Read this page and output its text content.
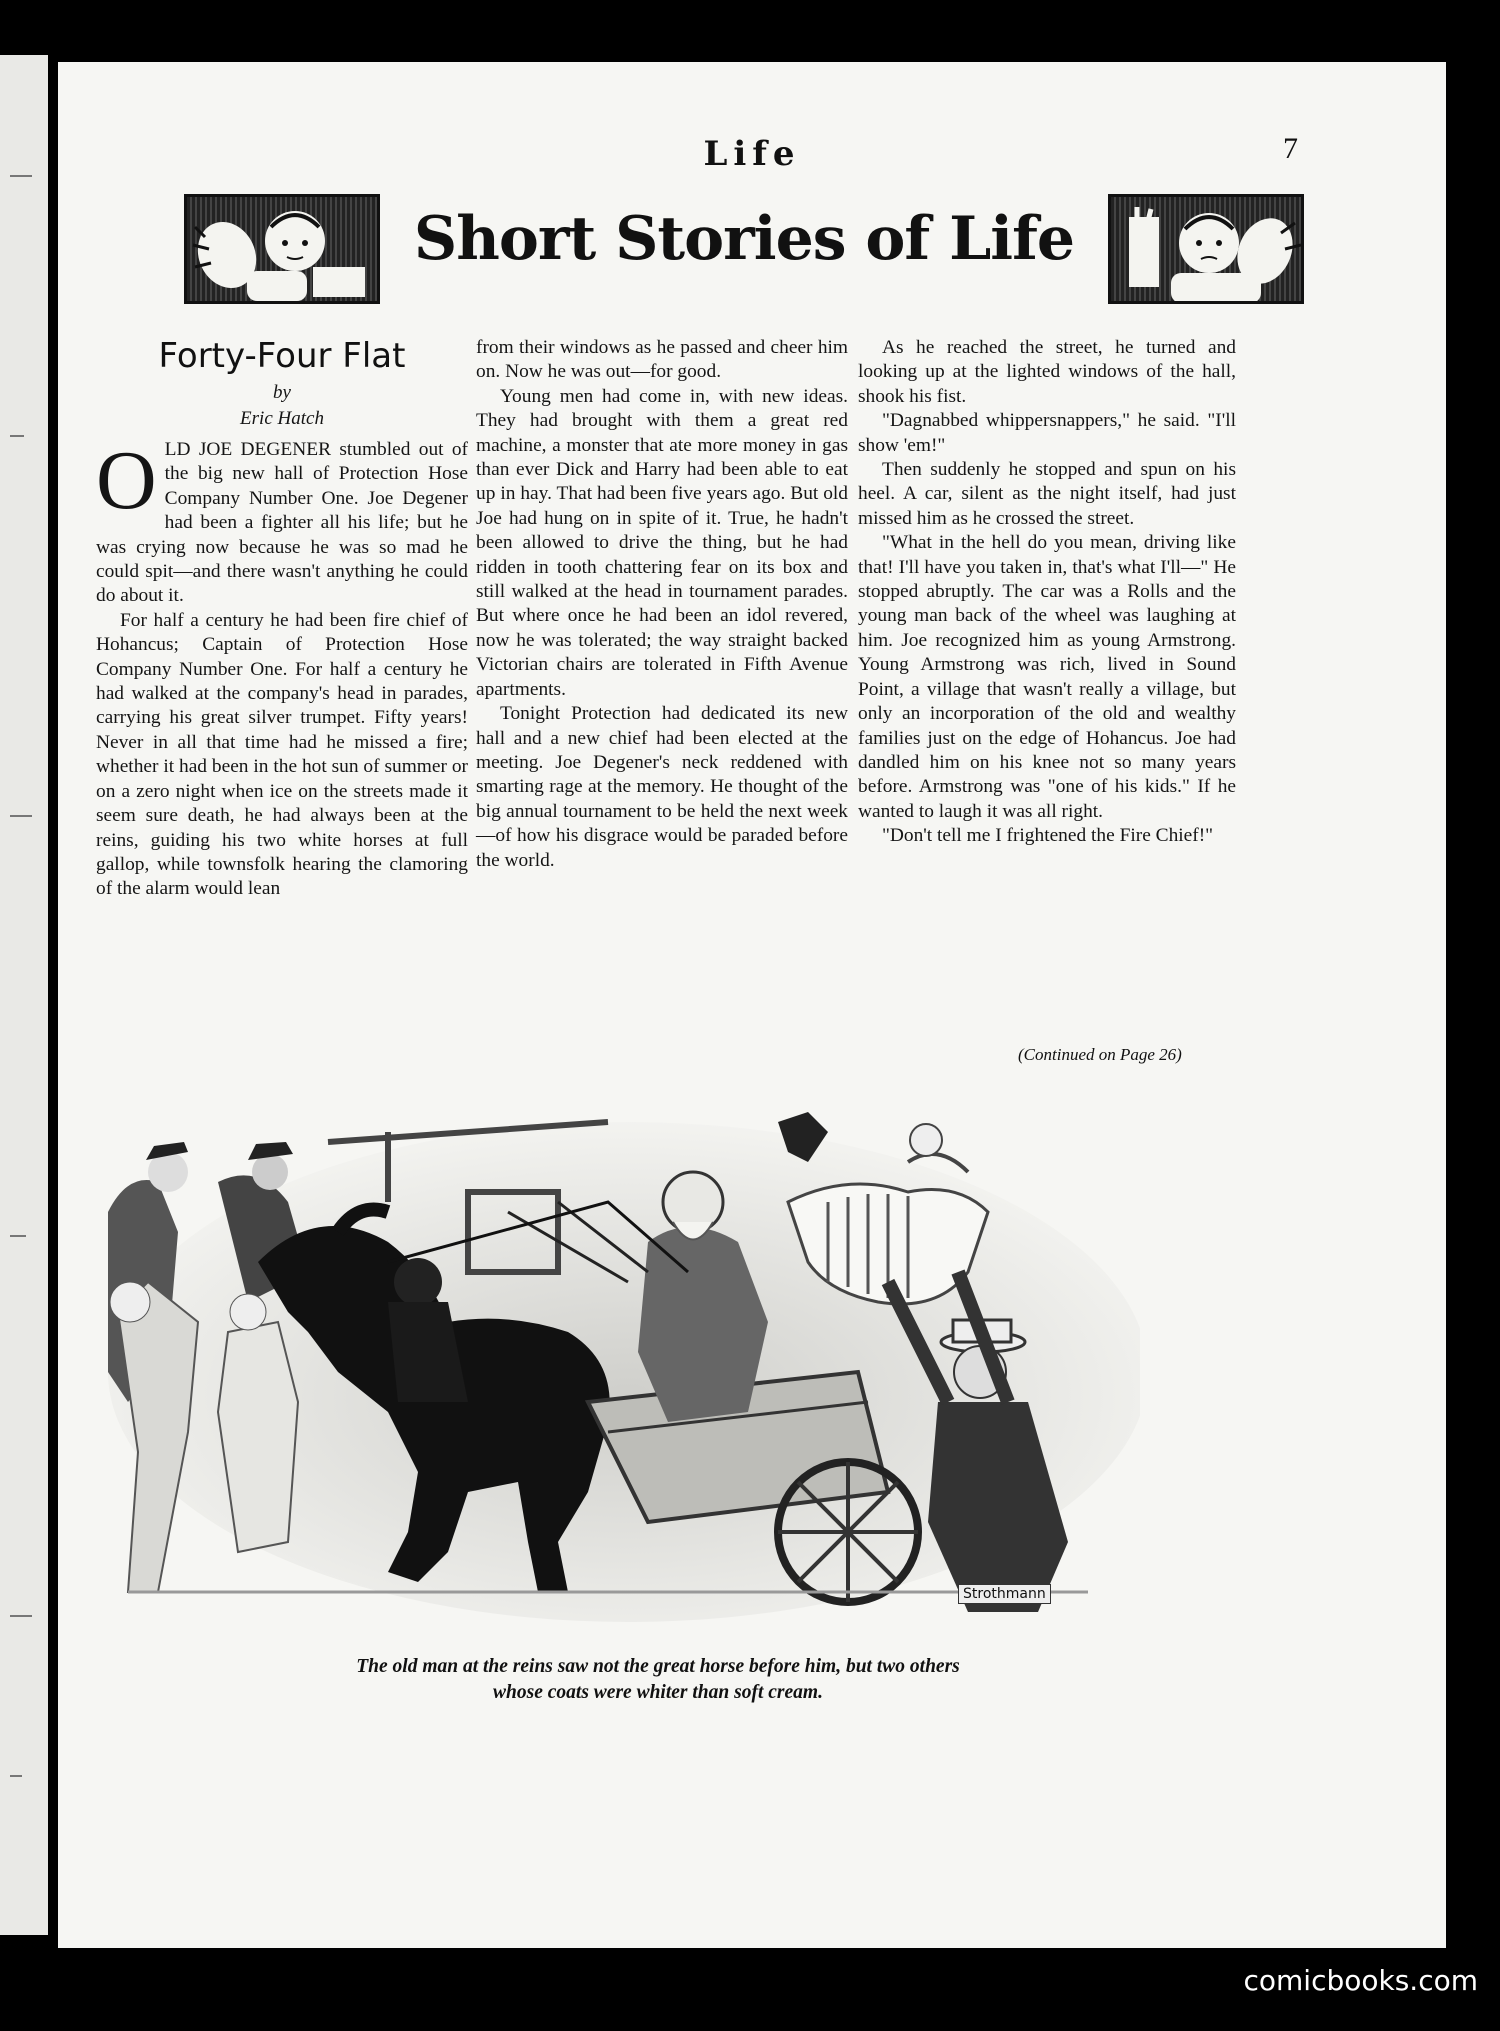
Life	7
Short Stories of Life
Forty-Four Flat
by
Eric Hatch

OLD JOE DEGENER stumbled out of the big new hall of Protection Hose Company Number One. Joe Degener had been a fighter all his life; but he was crying now because he was so mad he could spit—and there wasn't anything he could do about it.

For half a century he had been fire chief of Hohancus; Captain of Protection Hose Company Number One. For half a century he had walked at the company's head in parades, carrying his great silver trumpet. Fifty years! Never in all that time had he missed a fire; whether it had been in the hot sun of summer or on a zero night when ice on the streets made it seem sure death, he had always been at the reins, guiding his two white horses at full gallop, while townsfolk hearing the clamoring of the alarm would lean

from their windows as he passed and cheer him on. Now he was out—for good.

Young men had come in, with new ideas. They had brought with them a great red machine, a monster that ate more money in gas than ever Dick and Harry had been able to eat up in hay. That had been five years ago. But old Joe had hung on in spite of it. True, he hadn't been allowed to drive the thing, but he had ridden in tooth chattering fear on its box and still walked at the head in tournament parades. But where once he had been an idol revered, now he was tolerated; the way straight backed Victorian chairs are tolerated in Fifth Avenue apartments.

Tonight Protection had dedicated its new hall and a new chief had been elected at the meeting. Joe Degener's neck reddened with smarting rage at the memory. He thought of the big annual tournament to be held the next week—of how his disgrace would be paraded before the world.

As he reached the street, he turned and looking up at the lighted windows of the hall, shook his fist.

"Dagnabbed whippersnappers," he said. "I'll show 'em!"

Then suddenly he stopped and spun on his heel. A car, silent as the night itself, had just missed him as he crossed the street.

"What in the hell do you mean, driving like that! I'll have you taken in, that's what I'll—" He stopped abruptly. The car was a Rolls and the young man back of the wheel was laughing at him. Joe recognized him as young Armstrong. Young Armstrong was rich, lived in Sound Point, a village that wasn't really a village, but only an incorporation of the old and wealthy families just on the edge of Hohancus. Joe had dandled him on his knee not so many years before. Armstrong was "one of his kids." If he wanted to laugh it was all right.

"Don't tell me I frightened the Fire Chief!"

(Continued on Page 26)
Strothmann
The old man at the reins saw not the great horse before him, but two others
whose coats were whiter than soft cream.
comicbooks.com
